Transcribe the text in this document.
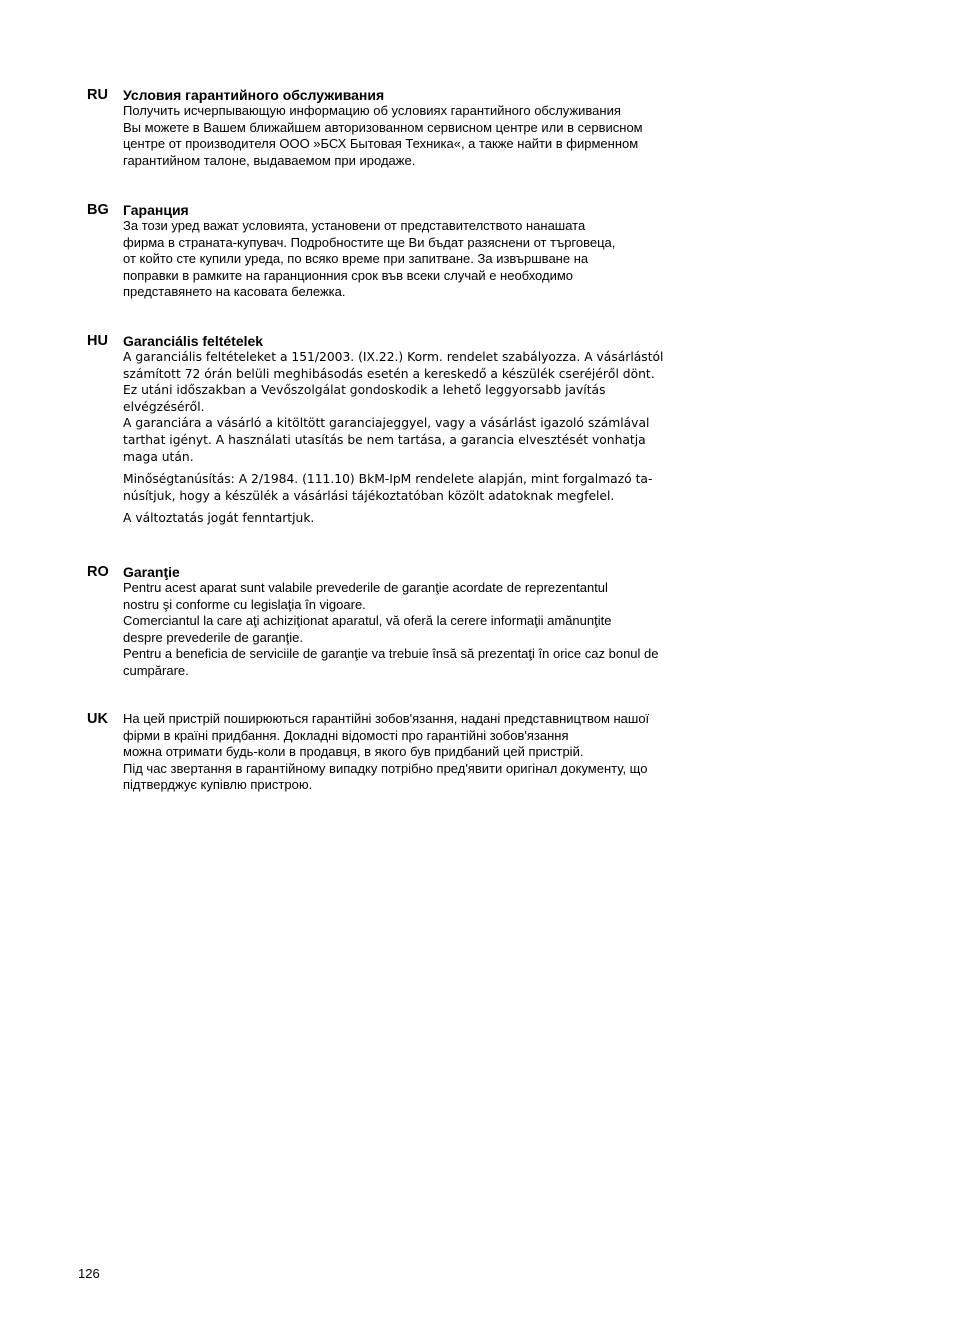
RU Условия гарантийного обслуживания
Получить исчерпывающую информацию об условиях гарантийного обслуживания
Вы можете в Вашем ближайшем авторизованном сервисном центре или в сервисном
центре от производителя ООО »БСХ Бытовая Техника«, а также найти в фирменном
гарантийном талоне, выдаваемом при иродаже.
BG Гаранция
За този уред важат условията, установени от представителството нанашата
фирма в странатa-купувач. Подробностите ще Ви бъдат разяснени от търговеца,
от който сте купили уреда, по всяко време при запитване. За извършване на
поправки в рамките на гаранционния срок във всеки случай е необходимо
представянето на касовата бележка.
HU Garanciális feltételek
A garanciális feltételeket a 151/2003. (IX.22.) Korm. rendelet szabályozza. A vásárlástól
számított 72 órán belüli meghibásodás esetén a kereskedő a készülék cseréjéről dönt.
Ez utáni időszakban a Vevőszolgálat gondoskodik a lehető leggyorsabb javítás
elvégzéséről.
A garanciára a vásárló a kitöltött garanciajeggyel, vagy a vásárlást igazoló számlával
tarthat igényt. A használati utasítás be nem tartása, a garancia elvesztését vonhatja
maga után.
Minőségtanúsítás: A 2/1984. (111.10) BkM-IpM rendelete alapján, mint forgalmazó ta-
núsítjuk, hogy a készülék a vásárlási tájékoztatóban közölt adatoknak megfelel.
A változtatás jogát fenntartjuk.
RO Garanţie
Pentru acest aparat sunt valabile prevederile de garanţie acordate de reprezentantul
nostru şi conforme cu legislaţia în vigoare.
Comerciantul la care aţi achiziţionat aparatul, vă oferă la cerere informaţii amănunţite
despre prevederile de garanţie.
Pentru a beneficia de serviciile de garanţie va trebuie însă să prezentaţi în orice caz bonul de
cumpărare.
UK На цей пристрій поширюються гарантійні зобов'язання, надані представництвом нашої
фірми в країні придбання. Докладні відомості про гарантійні зобов'язання
можна отримати будь-коли в продавця, в якого був придбаний цей пристрій.
Під час звертання в гарантійному випадку потрібно пред'явити оригінал документу, що
підтверджує купівлю пристрою.
126
